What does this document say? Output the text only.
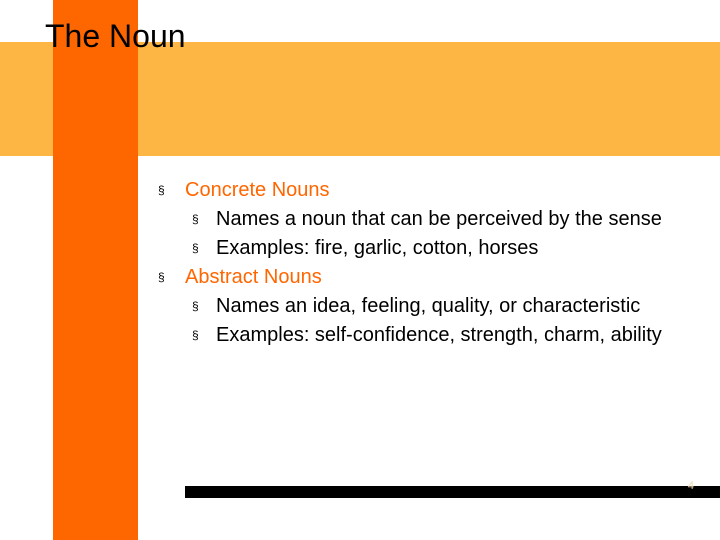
The Noun
§ Concrete Nouns
§ Names a noun that can be perceived by the sense
§ Examples: fire, garlic, cotton, horses
§ Abstract Nouns
§ Names an idea, feeling, quality, or characteristic
§ Examples: self-confidence, strength, charm, ability
4
